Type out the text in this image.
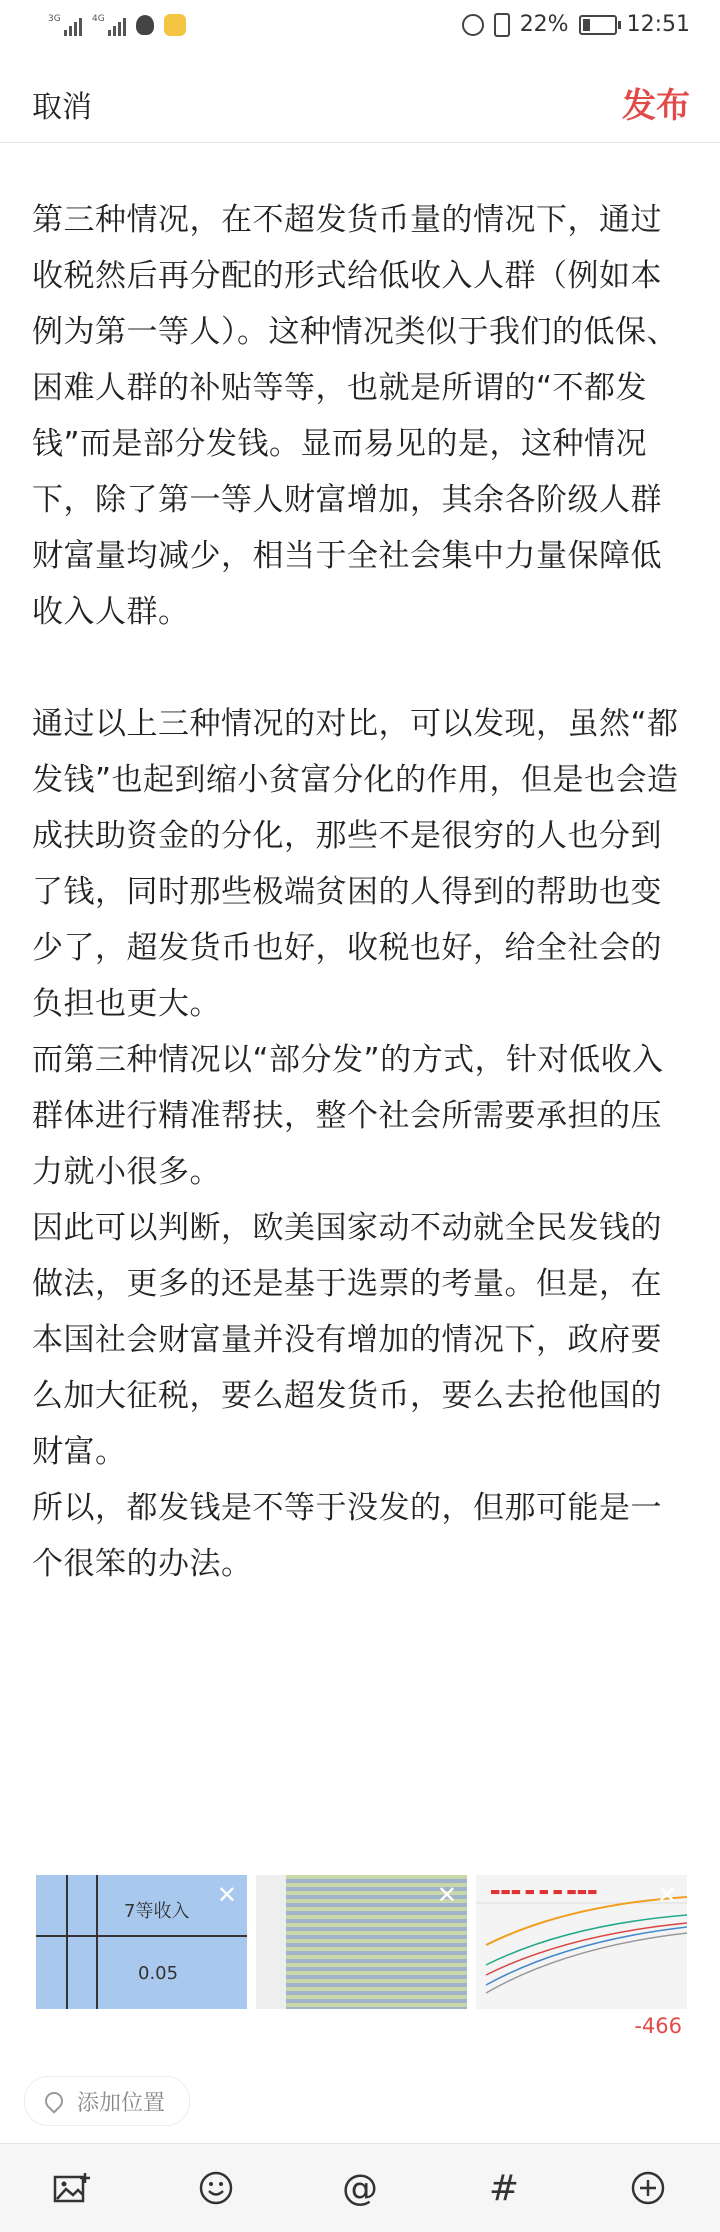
3G	4G	22%	12:51
取消	发布

第三种情况，在不超发货币量的情况下，通过收税然后再分配的形式给低收入人群（例如本例为第一等人）。这种情况类似于我们的低保、困难人群的补贴等等，也就是所谓的“不都发钱”而是部分发钱。显而易见的是，这种情况下，除了第一等人财富增加，其余各阶级人群财富量均减少，相当于全社会集中力量保障低收入人群。

通过以上三种情况的对比，可以发现，虽然“都发钱”也起到缩小贫富分化的作用，但是也会造成扶助资金的分化，那些不是很穷的人也分到了钱，同时那些极端贫困的人得到的帮助也变少了，超发货币也好，收税也好，给全社会的负担也更大。

而第三种情况以“部分发”的方式，针对低收入群体进行精准帮扶，整个社会所需要承担的压力就小很多。

因此可以判断，欧美国家动不动就全民发钱的做法，更多的还是基于选票的考量。但是，在本国社会财富量并没有增加的情况下，政府要么加大征税，要么超发货币，要么去抢他国的财富。

所以，都发钱是不等于没发的，但那可能是一个很笨的办法。

7等收入
0.05
✕	✕	▬▬▬ ▬ ▬ ▬ ▬▬▬ ✕
-466
添加位置
@	#
